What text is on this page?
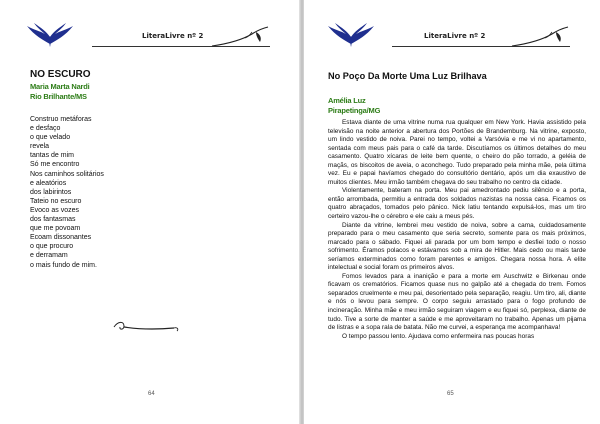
LiteraLivre nº 2
NO ESCURO
Maria Marta Nardi
Rio Brilhante/MS
Construo metáforas
e desfaço
o que velado
revela
tantas de mim
Só me encontro
Nos caminhos solitários
e aleatórios
dos labirintos
Tateio no escuro
Evoco as vozes
dos fantasmas
que me povoam
Ecoam dissonantes
o que procuro
e derramam
o mais fundo de mim.
64
LiteraLivre nº 2
No Poço Da Morte Uma Luz Brilhava
Amélia Luz
Pirapetinga/MG

Estava diante de uma vitrine numa rua qualquer em New York. Havia assistido pela televisão na noite anterior a abertura dos Portões de Brandemburg. Na vitrine, exposto, um lindo vestido de noiva. Parei no tempo, voltei a Varsóvia e me vi no apartamento, sentada com meus pais para o café da tarde. Discutíamos os últimos detalhes do meu casamento. Quatro xícaras de leite bem quente, o cheiro do pão torrado, a geléia de maçãs, os biscoitos de aveia, o aconchego. Tudo preparado pela minha mãe, pela última vez. Eu e papai havíamos chegado do consultório dentário, após um dia exaustivo de muitos clientes. Meu irmão também chegava do seu trabalho no centro da cidade.

Violentamente, bateram na porta. Meu pai amedrontado pediu silêncio e a porta, então arrombada, permitiu a entrada dos soldados nazistas na nossa casa. Ficamos os quatro abraçados, tomados pelo pânico. Nick latiu tentando expulsá-los, mas um tiro certeiro vazou-lhe o cérebro e ele caiu a meus pés.

Diante da vitrine, lembrei meu vestido de noiva, sobre a cama, cuidadosamente preparado para o meu casamento que seria secreto, somente para os mais próximos, marcado para o sábado. Fiquei ali parada por um bom tempo e desfiei todo o nosso sofrimento. Éramos polacos e estávamos sob a mira de Hitler. Mais cedo ou mais tarde seríamos exterminados como foram parentes e amigos. Chegara nossa hora. A elite intelectual e social foram os primeiros alvos.

Fomos levados para a inanição e para a morte em Auschwitz e Birkenau onde ficavam os crematórios. Ficamos quase nus no galpão até a chegada do trem. Fomos separados cruelmente e meu pai, desorientado pela separação, reagiu. Um tiro, ali, diante e nós o levou para sempre. O corpo seguiu arrastado para o fogo profundo de incineração. Minha mãe e meu irmão seguiram viagem e eu fiquei só, perplexa, diante de tudo. Tive a sorte de manter a saúde e me aproveitaram no trabalho. Apenas um pijama de listras e a sopa rala de batata. Não me curvei, a esperança me acompanhava!

O tempo passou lento. Ajudava como enfermeira nas poucas horas

65
